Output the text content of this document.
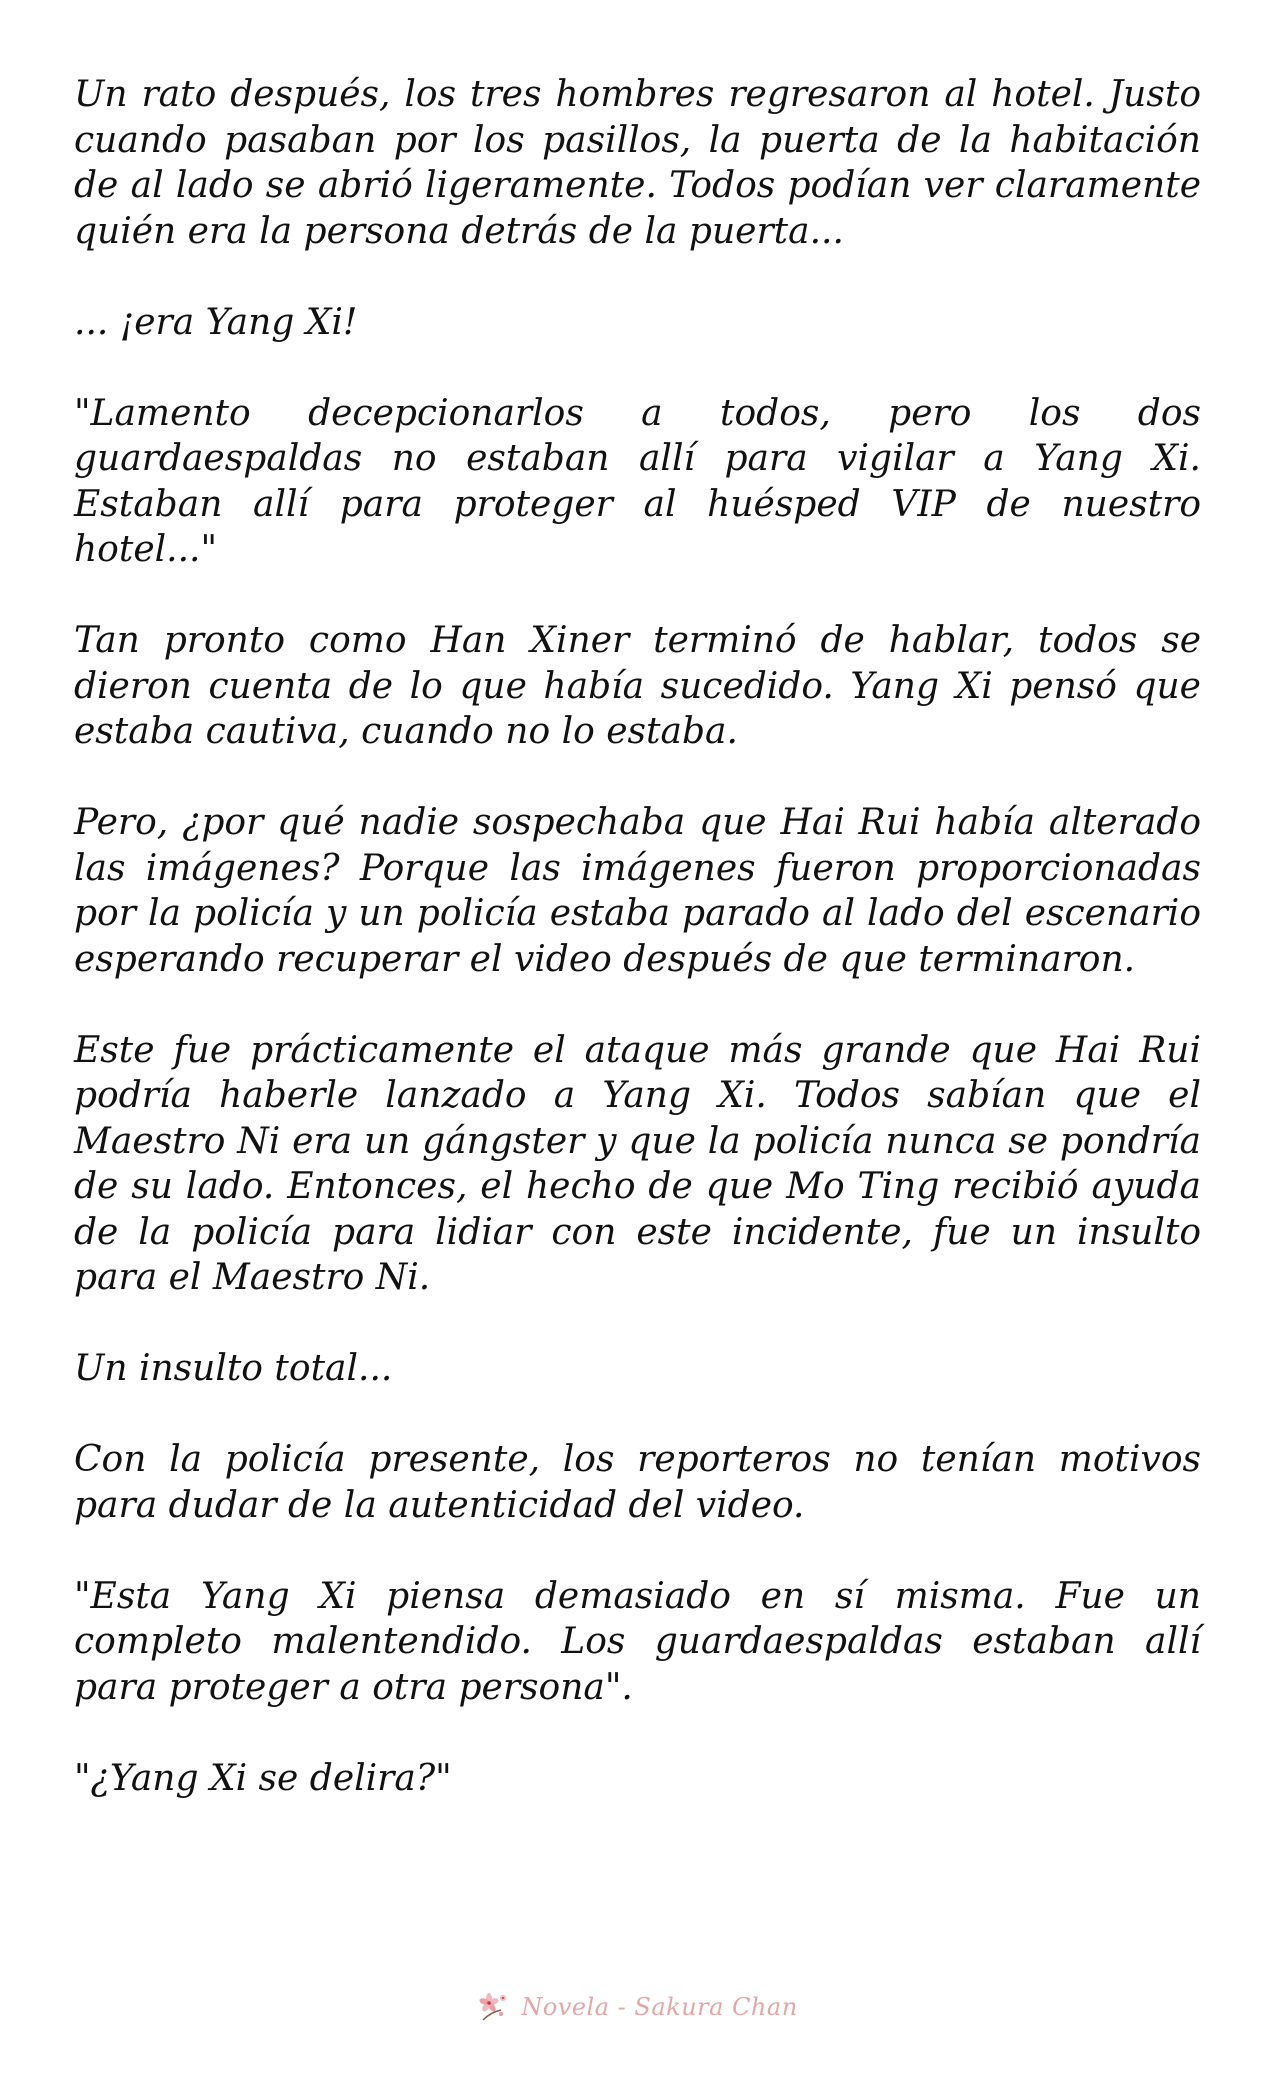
Un rato después, los tres hombres regresaron al hotel. Justo cuando pasaban por los pasillos, la puerta de la habitación de al lado se abrió ligeramente. Todos podían ver claramente quién era la persona detrás de la puerta...

... ¡era Yang Xi!

"Lamento decepcionarlos a todos, pero los dos guardaespaldas no estaban allí para vigilar a Yang Xi. Estaban allí para proteger al huésped VIP de nuestro hotel..."

Tan pronto como Han Xiner terminó de hablar, todos se dieron cuenta de lo que había sucedido. Yang Xi pensó que estaba cautiva, cuando no lo estaba.

Pero, ¿por qué nadie sospechaba que Hai Rui había alterado las imágenes? Porque las imágenes fueron proporcionadas por la policía y un policía estaba parado al lado del escenario esperando recuperar el video después de que terminaron.

Este fue prácticamente el ataque más grande que Hai Rui podría haberle lanzado a Yang Xi. Todos sabían que el Maestro Ni era un gángster y que la policía nunca se pondría de su lado. Entonces, el hecho de que Mo Ting recibió ayuda de la policía para lidiar con este incidente, fue un insulto para el Maestro Ni.

Un insulto total...

Con la policía presente, los reporteros no tenían motivos para dudar de la autenticidad del video.

"Esta Yang Xi piensa demasiado en sí misma. Fue un completo malentendido. Los guardaespaldas estaban allí para proteger a otra persona".

"¿Yang Xi se delira?"

Novela - Sakura Chan
